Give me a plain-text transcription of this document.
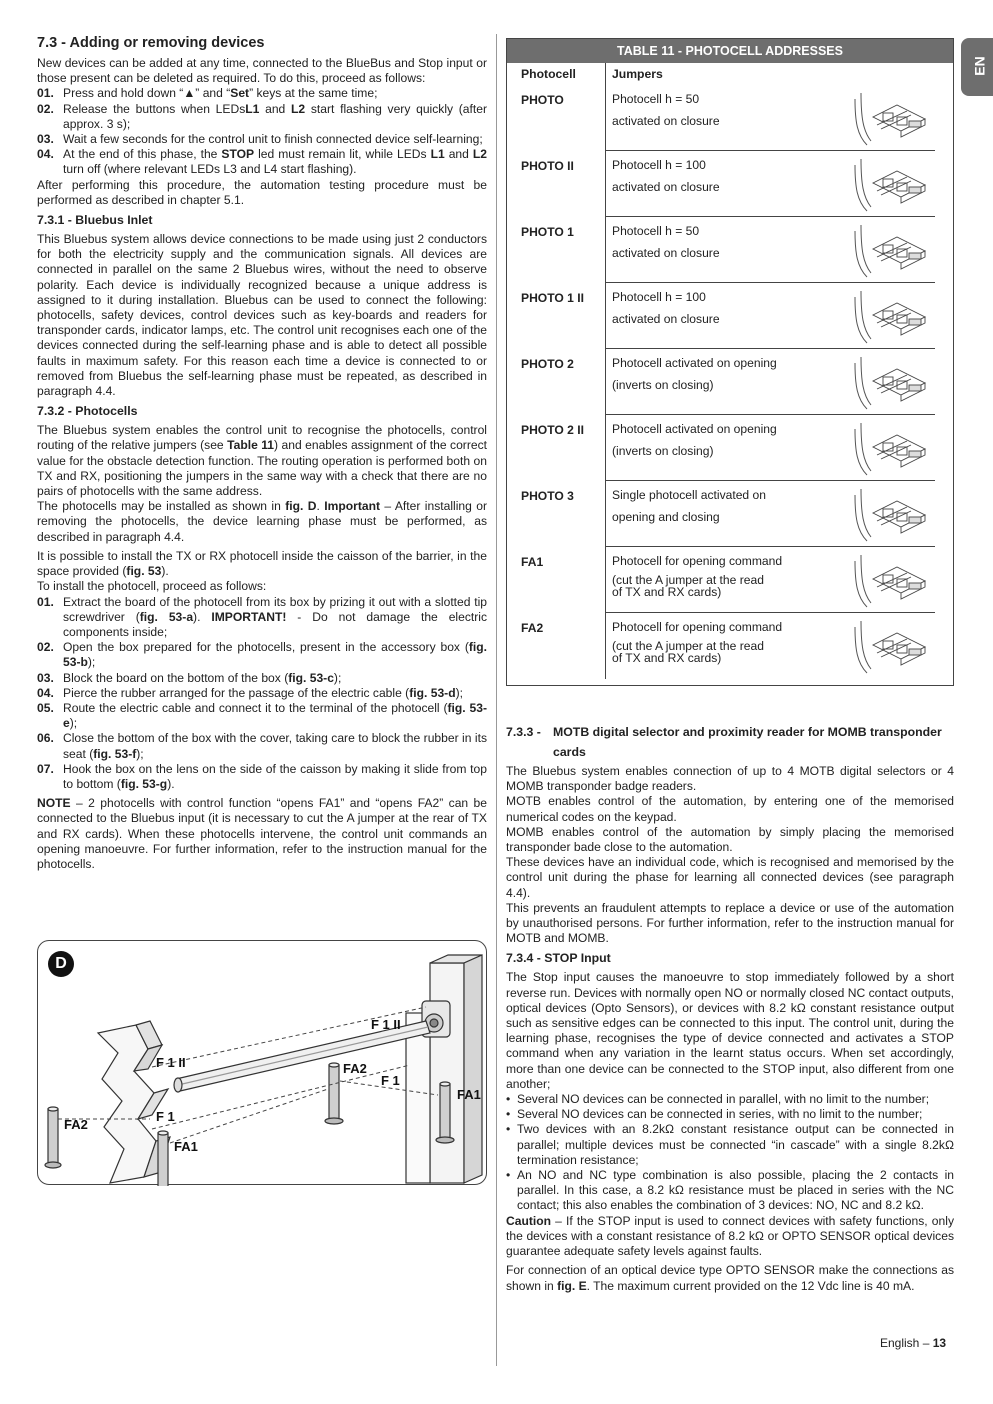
EN
7.3 - Adding or removing devices

New devices can be added at any time, connected to the BlueBus and Stop input or those present can be deleted as required. To do this, proceed as follows:

01. Press and hold down “▲” and “Set” keys at the same time;
02. Release the buttons when LEDsL1 and L2 start flashing very quickly (after approx. 3 s);
03. Wait a few seconds for the control unit to finish connected device self-learning;
04. At the end of this phase, the STOP led must remain lit, while LEDs L1 and L2 turn off (where relevant LEDs L3 and L4 start flashing).

After performing this procedure, the automation testing procedure must be performed as described in chapter 5.1.

7.3.1 - Bluebus Inlet

This Bluebus system allows device connections to be made using just 2 conductors for both the electricity supply and the communication signals. All devices are connected in parallel on the same 2 Bluebus wires, without the need to observe polarity. Each device is individually recognized because a unique address is assigned to it during installation. Bluebus can be used to connect the following: photocells, safety devices, control devices such as key-boards and readers for transponder cards, indicator lamps, etc. The control unit recognises each one of the devices connected during the self-learning phase and is able to detect all possible faults in maximum safety. For this reason each time a device is connected to or removed from Bluebus the self-learning phase must be repeated, as described in paragraph 4.4.

7.3.2 - Photocells

The Bluebus system enables the control unit to recognise the photocells, control routing of the relative jumpers (see Table 11) and enables assignment of the correct value for the obstacle detection function. The routing operation is performed both on TX and RX, positioning the jumpers in the same way with a check that there are no pairs of photocells with the same address.

The photocells may be installed as shown in fig. D. Important – After installing or removing the photocells, the device learning phase must be performed, as described in paragraph 4.4.

It is possible to install the TX or RX photocell inside the caisson of the barrier, in the space provided (fig. 53).

To install the photocell, proceed as follows:

01. Extract the board of the photocell from its box by prizing it out with a slotted tip screwdriver (fig. 53-a). IMPORTANT! - Do not damage the electric components inside;
02. Open the box prepared for the photocells, present in the accessory box (fig. 53-b);
03. Block the board on the bottom of the box (fig. 53-c);
04. Pierce the rubber arranged for the passage of the electric cable (fig. 53-d);
05. Route the electric cable and connect it to the terminal of the photocell (fig. 53-e);
06. Close the bottom of the box with the cover, taking care to block the rubber in its seat (fig. 53-f);
07. Hook the box on the lens on the side of the caisson by making it slide from top to bottom (fig. 53-g).

NOTE – 2 photocells with control function “opens FA1” and “opens FA2” can be connected to the Bluebus input (it is necessary to cut the A jumper at the rear of TX and RX cards). When these photocells intervene, the control unit commands an opening manoeuvre. For further information, refer to the instruction manual for the photocells.

F 1 II
F 1 II	FA2
F 1
FA1
FA2
F 1
FA1
D
TABLE 11 - PHOTOCELL ADDRESSES
Photocell	Jumpers
PHOTO	Photocell h = 50
activated on closure
PHOTO II	Photocell h = 100
activated on closure
PHOTO 1	Photocell h = 50
activated on closure
PHOTO 1 II	Photocell h = 100
activated on closure
PHOTO 2	Photocell activated on opening
(inverts on closing)
PHOTO 2 II	Photocell activated on opening
(inverts on closing)
PHOTO 3	Single photocell activated on
opening and closing
FA1	Photocell for opening command
(cut the A jumper at the read of TX and RX cards)
FA2	Photocell for opening command
(cut the A jumper at the read of TX and RX cards)
7.3.3 - MOTB digital selector and proximity reader for MOMB transponder cards

The Bluebus system enables connection of up to 4 MOTB digital selectors or 4 MOMB transponder badge readers.

MOTB enables control of the automation, by entering one of the memorised numerical codes on the keypad.

MOMB enables control of the automation by simply placing the memorised transponder bade close to the automation.

These devices have an individual code, which is recognised and memorised by the control unit during the phase for learning all connected devices (see paragraph 4.4).

This prevents an fraudulent attempts to replace a device or use of the automation by unauthorised persons. For further information, refer to the instruction manual for MOTB and MOMB.

7.3.4 - STOP Input

The Stop input causes the manoeuvre to stop immediately followed by a short reverse run. Devices with normally open NO or normally closed NC contact outputs, optical devices (Opto Sensors), or devices with 8.2 kΩ constant resistance output such as sensitive edges can be connected to this input. The control unit, during the learning phase, recognises the type of device connected and activates a STOP command when any variation in the learnt status occurs. When set accordingly, more than one device can be connected to the STOP input, also different from one another;

• Several NO devices can be connected in parallel, with no limit to the number;
• Several NO devices can be connected in series, with no limit to the number;
• Two devices with an 8.2kΩ constant resistance output can be connected in parallel; multiple devices must be connected “in cascade” with a single 8.2kΩ termination resistance;
• An NO and NC type combination is also possible, placing the 2 contacts in parallel. In this case, a 8.2 kΩ resistance must be placed in series with the NC contact; this also enables the combination of 3 devices: NO, NC and 8.2 kΩ.

Caution – If the STOP input is used to connect devices with safety functions, only the devices with a constant resistance of 8.2 kΩ or OPTO SENSOR optical devices guarantee adequate safety levels against faults.

For connection of an optical device type OPTO SENSOR make the connections as shown in fig. E. The maximum current provided on the 12 Vdc line is 40 mA.

English – 13
